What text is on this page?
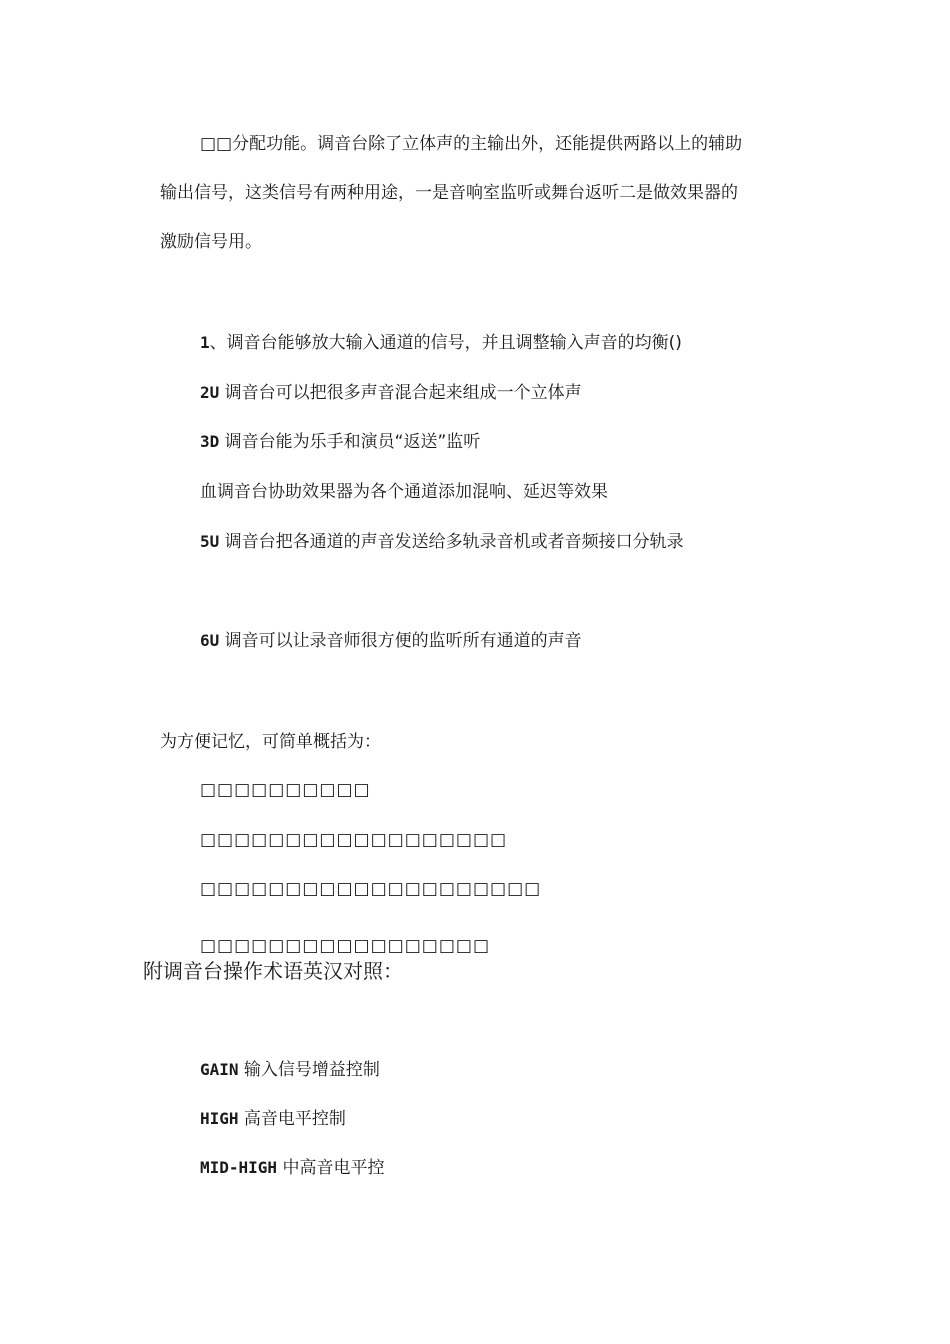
□□分配功能。调音台除了立体声的主输出外，还能提供两路以上的辅助
输出信号，这类信号有两种用途，一是音响室监听或舞台返听二是做效果器的
激励信号用。
1、调音台能够放大输入通道的信号，并且调整输入声音的均衡()
2U 调音台可以把很多声音混合起来组成一个立体声
3D 调音台能为乐手和演员“返送”监听
血调音台协助效果器为各个通道添加混响、延迟等效果
5U 调音台把各通道的声音发送给多轨录音机或者音频接口分轨录
6U 调音可以让录音师很方便的监听所有通道的声音
为方便记忆，可简单概括为：
□□□□□□□□□□
□□□□□□□□□□□□□□□□□□
□□□□□□□□□□□□□□□□□□□□
□□□□□□□□□□□□□□□□□
附调音台操作术语英汉对照：
GAIN 输入信号增益控制
HIGH 高音电平控制
MID-HIGH 中高音电平控
